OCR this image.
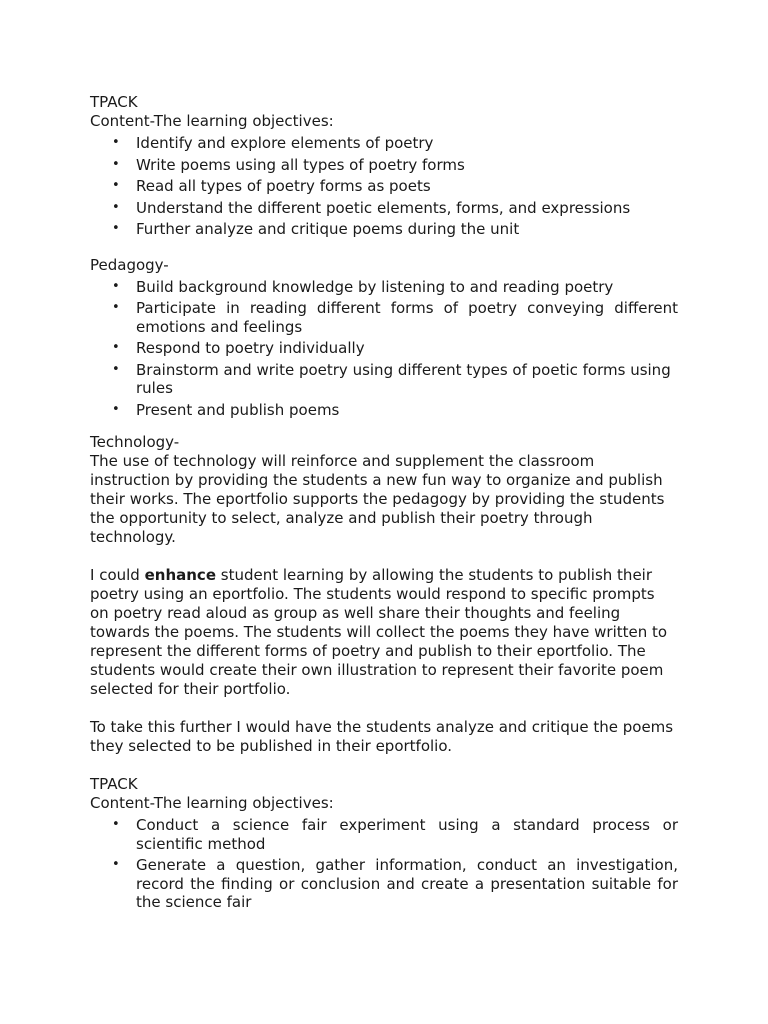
TPACK

Content-The learning objectives:

• Identify and explore elements of poetry
• Write poems using all types of poetry forms
• Read all types of poetry forms as poets
• Understand the different poetic elements, forms, and expressions
• Further analyze and critique poems during the unit

Pedagogy-

• Build background knowledge by listening to and reading poetry
• Participate in reading different forms of poetry conveying different emotions and feelings
• Respond to poetry individually
• Brainstorm and write poetry using different types of poetic forms using rules
• Present and publish poems

Technology-

The use of technology will reinforce and supplement the classroom instruction by providing the students a new fun way to organize and publish their works. The eportfolio supports the pedagogy by providing the students the opportunity to select, analyze and publish their poetry through technology.

I could enhance student learning by allowing the students to publish their poetry using an eportfolio. The students would respond to specific prompts on poetry read aloud as group as well share their thoughts and feeling towards the poems. The students will collect the poems they have written to represent the different forms of poetry and publish to their eportfolio. The students would create their own illustration to represent their favorite poem selected for their portfolio.

To take this further I would have the students analyze and critique the poems they selected to be published in their eportfolio.

TPACK

Content-The learning objectives:

• Conduct a science fair experiment using a standard process or scientific method
• Generate a question, gather information, conduct an investigation, record the finding or conclusion and create a presentation suitable for the science fair
